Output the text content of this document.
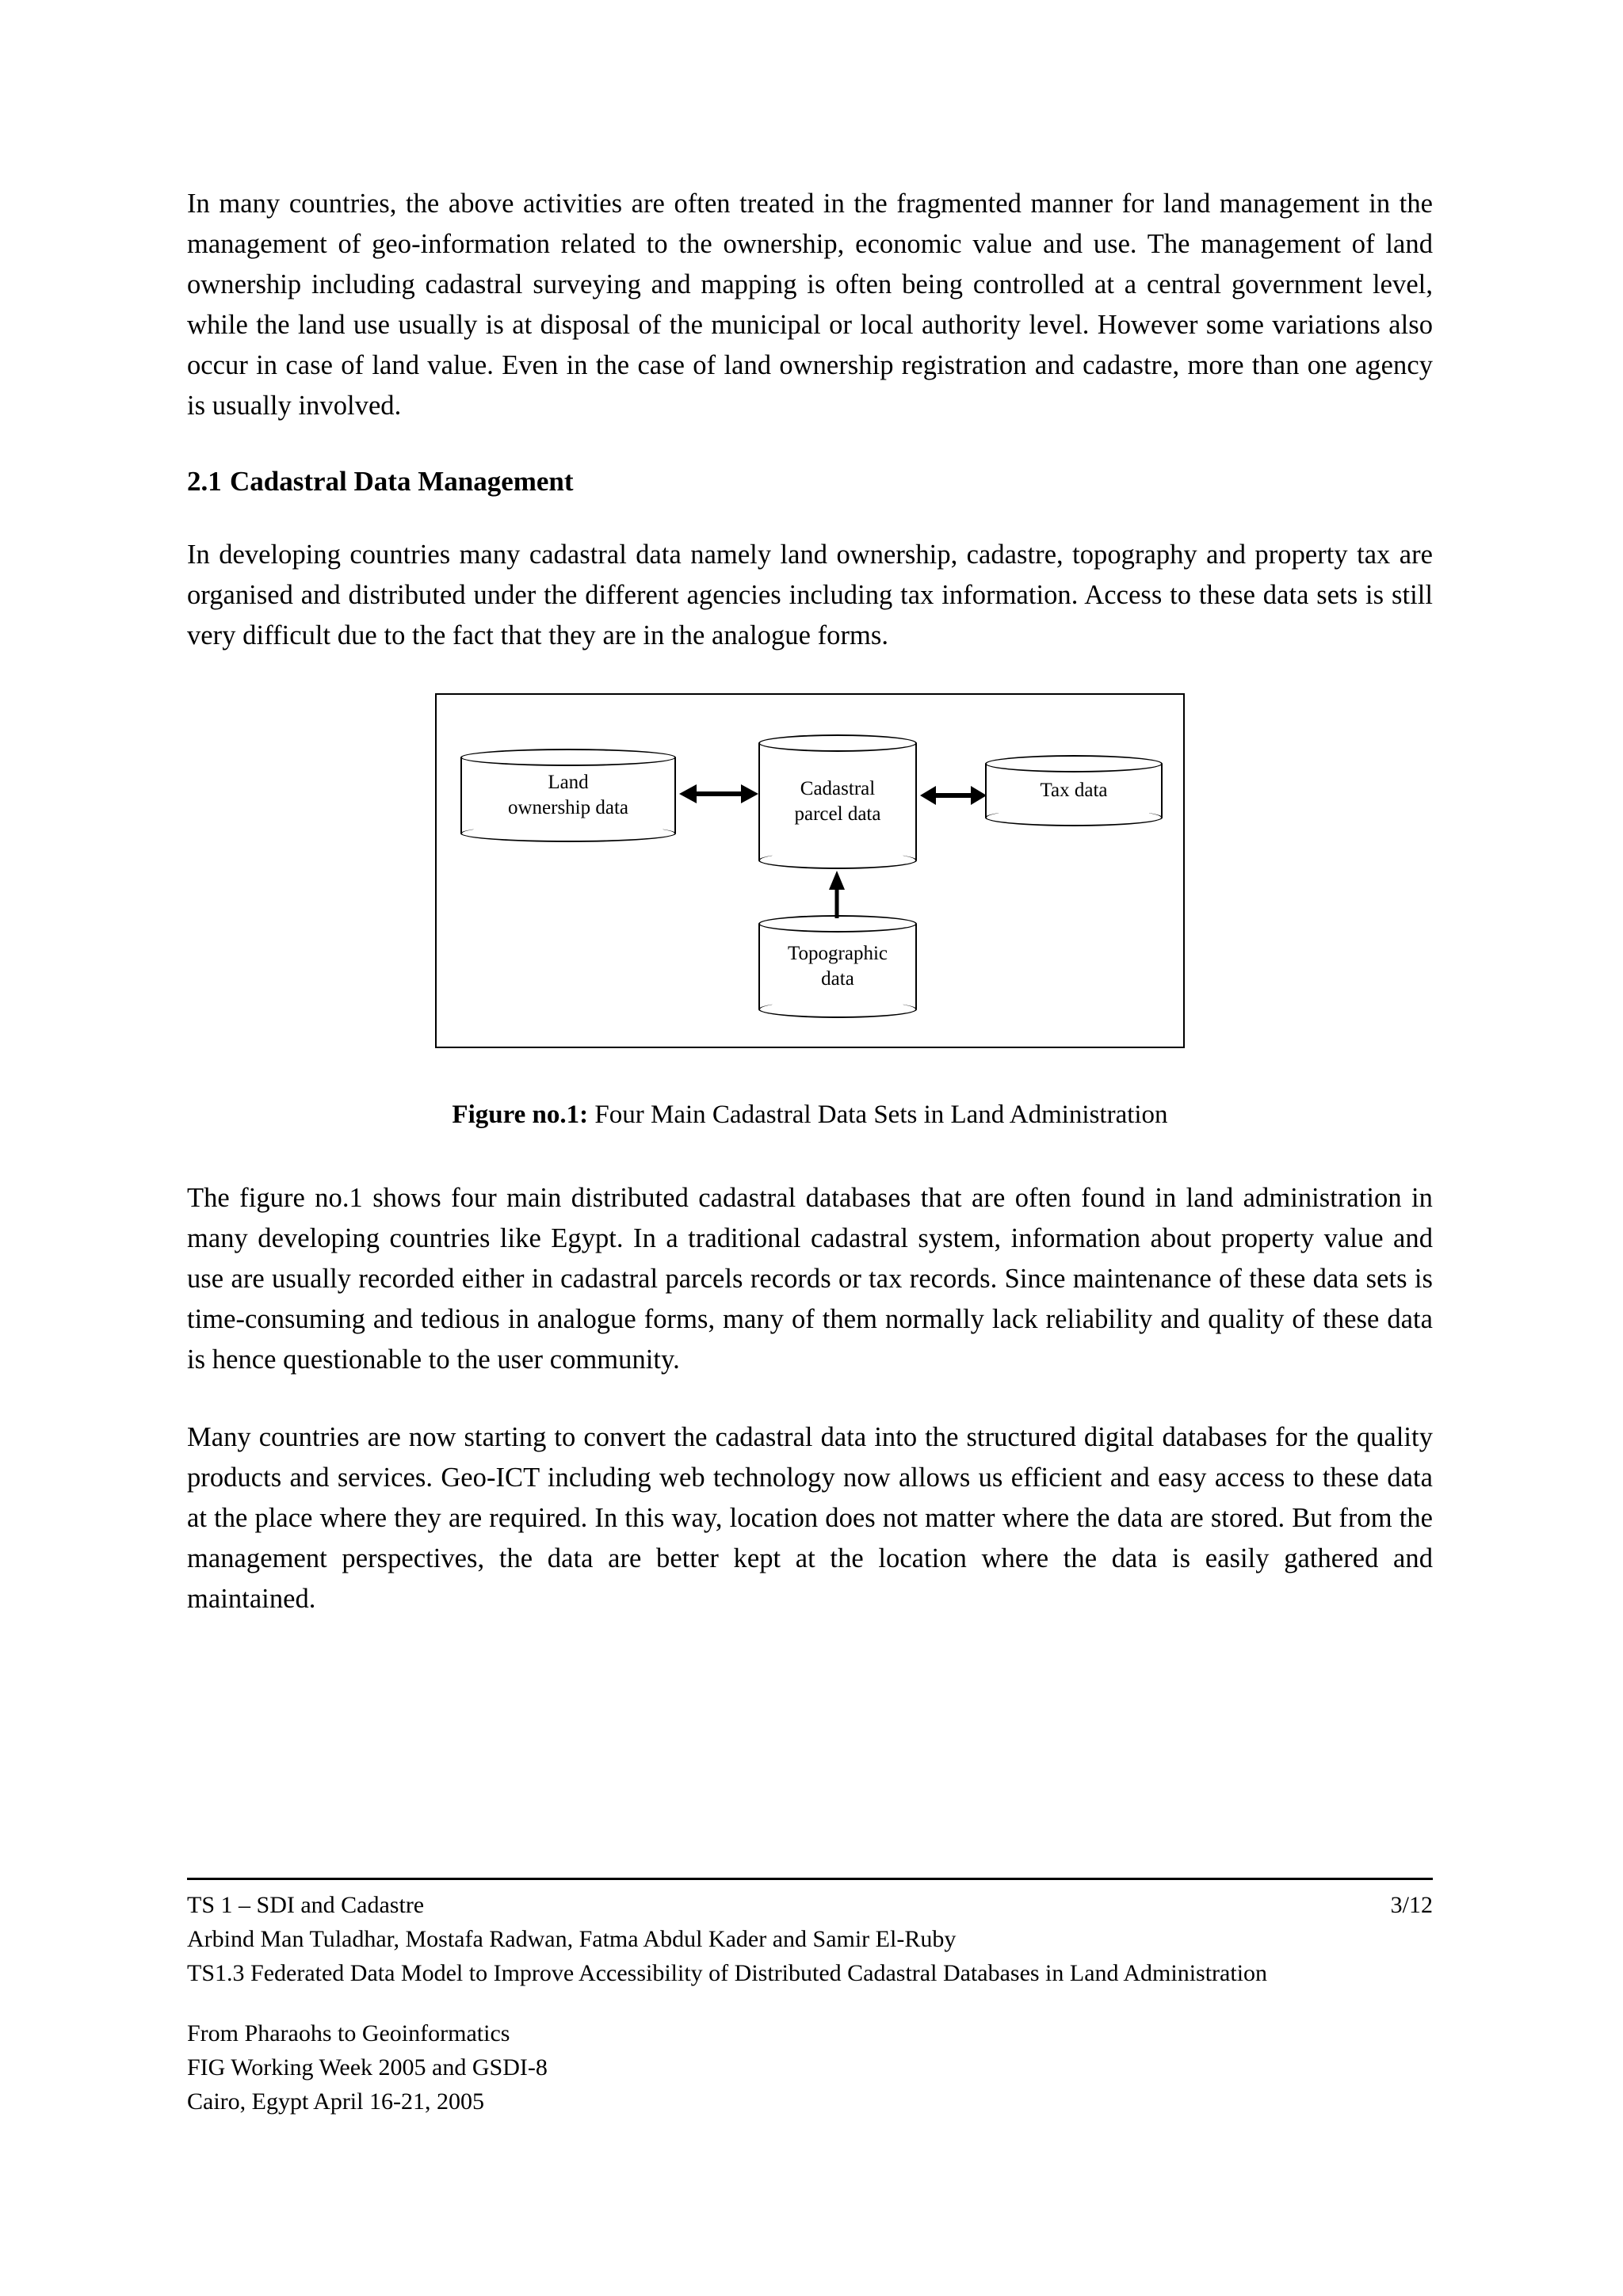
In many countries, the above activities are often treated in the fragmented manner for land management in the management of geo-information related to the ownership, economic value and use. The management of land ownership including cadastral surveying and mapping is often being controlled at a central government level, while the land use usually is at disposal of the municipal or local authority level. However some variations also occur in case of land value. Even in the case of land ownership registration and cadastre, more than one agency is usually involved.

2.1 Cadastral Data Management

In developing countries many cadastral data namely land ownership, cadastre, topography and property tax are organised and distributed under the different agencies including tax information. Access to these data sets is still very difficult due to the fact that they are in the analogue forms.

Land
ownership data
Cadastral
parcel data
Tax data
Topographic
data
Figure no.1: Four Main Cadastral Data Sets in Land Administration

The figure no.1 shows four main distributed cadastral databases that are often found in land administration in many developing countries like Egypt. In a traditional cadastral system, information about property value and use are usually recorded either in cadastral parcels records or tax records. Since maintenance of these data sets is time-consuming and tedious in analogue forms, many of them normally lack reliability and quality of these data is hence questionable to the user community.

Many countries are now starting to convert the cadastral data into the structured digital databases for the quality products and services. Geo-ICT including web technology now allows us efficient and easy access to these data at the place where they are required. In this way, location does not matter where the data are stored. But from the management perspectives, the data are better kept at the location where the data is easily gathered and maintained.

TS 1 – SDI and Cadastre	3/12
Arbind Man Tuladhar, Mostafa Radwan, Fatma Abdul Kader and Samir El-Ruby
TS1.3 Federated Data Model to Improve Accessibility of Distributed Cadastral Databases in Land Administration
From Pharaohs to Geoinformatics
FIG Working Week 2005 and GSDI-8
Cairo, Egypt April 16-21, 2005
